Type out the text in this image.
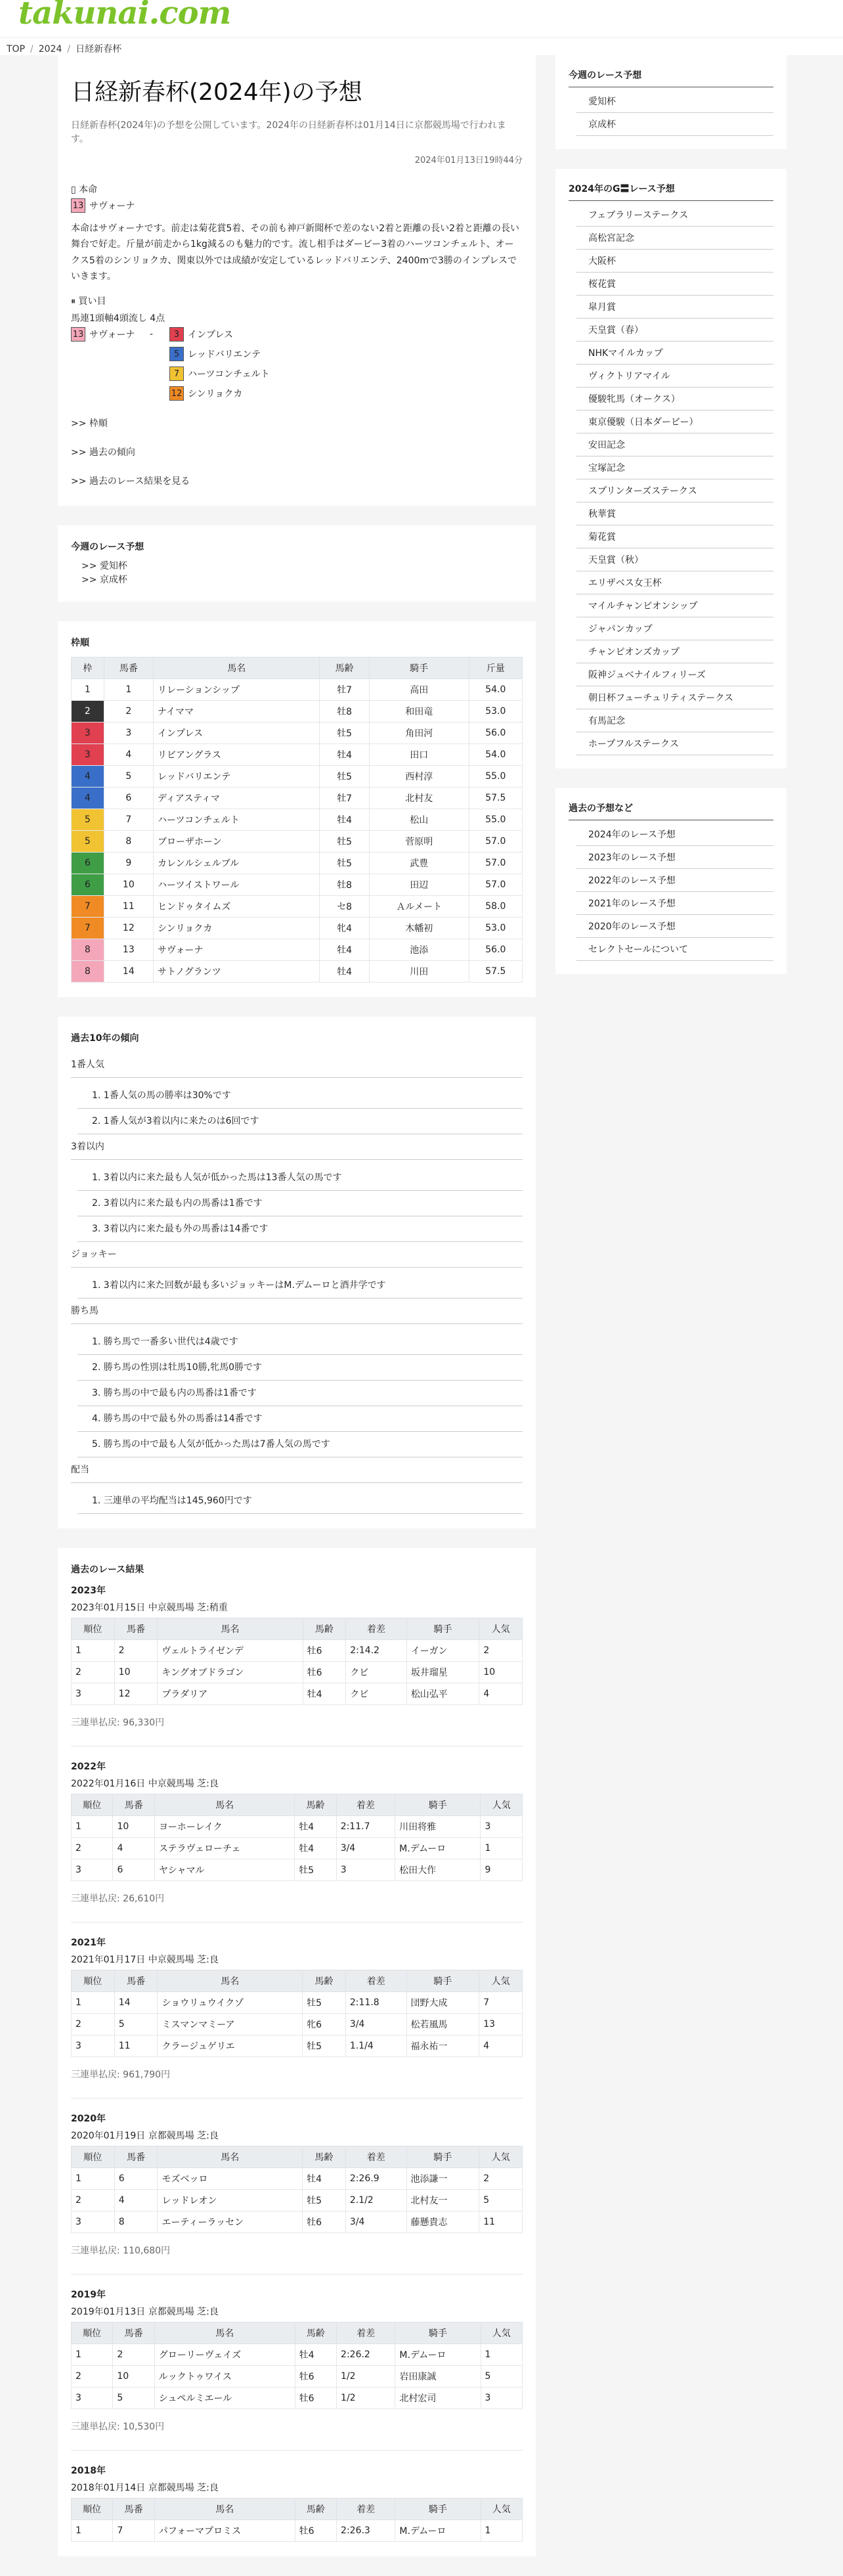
takunai.com
TOP / 2024 / 日経新春杯
日経新春杯(2024年)の予想

日経新春杯(2024年)の予想を公開しています。2024年の日経新春杯は01月14日に京都競馬場で行われます。

2024年01月13日19時44分
▯ 本命
13 サヴォーナ

本命はサヴォーナです。前走は菊花賞5着、その前も神戸新聞杯で差のない2着と距離の長い2着と距離の長い舞台で好走。斤量が前走から1kg減るのも魅力的です。流し相手はダービー3着のハーツコンチェルト、オークス5着のシンリョクカ、関東以外では成績が安定しているレッドバリエンテ、2400mで3勝のインプレスでいきます。

⏸ 買い目
馬連1頭軸4頭流し 4点
13 サヴォーナ -	3 インプレス
5 レッドバリエンテ
7 ハーツコンチェルト
12 シンリョクカ
>> 枠順
>> 過去の傾向
>> 過去のレース結果を見る
今週のレース予想
>> 愛知杯
>> 京成杯
枠順
枠	馬番	馬名	馬齢	騎手	斤量
1	1	リレーションシップ	牡7	高田	54.0
2	2	ナイママ	牡8	和田竜	53.0
3	3	インプレス	牡5	角田河	56.0
3	4	リビアングラス	牡4	田口	54.0
4	5	レッドバリエンテ	牡5	西村淳	55.0
4	6	ディアスティマ	牡7	北村友	57.5
5	7	ハーツコンチェルト	牡4	松山	55.0
5	8	ブローザホーン	牡5	菅原明	57.0
6	9	カレンルシェルブル	牡5	武豊	57.0
6	10	ハーツイストワール	牡8	田辺	57.0
7	11	ヒンドゥタイムズ	セ8	Ａルメート	58.0
7	12	シンリョクカ	牝4	木幡初	53.0
8	13	サヴォーナ	牡4	池添	56.0
8	14	サトノグランツ	牡4	川田	57.5
過去10年の傾向
1番人気
1. 1番人気の馬の勝率は30%です
2. 1番人気が3着以内に来たのは6回です
3着以内
1. 3着以内に来た最も人気が低かった馬は13番人気の馬です
2. 3着以内に来た最も内の馬番は1番です
3. 3着以内に来た最も外の馬番は14番です
ジョッキー
1. 3着以内に来た回数が最も多いジョッキーはM.デムーロと酒井学です
勝ち馬
1. 勝ち馬で一番多い世代は4歳です
2. 勝ち馬の性別は牡馬10勝,牝馬0勝です
3. 勝ち馬の中で最も内の馬番は1番です
4. 勝ち馬の中で最も外の馬番は14番です
5. 勝ち馬の中で最も人気が低かった馬は7番人気の馬です
配当
1. 三連単の平均配当は145,960円です
過去のレース結果
2023年
2023年01月15日 中京競馬場 芝:稍重
順位	馬番	馬名	馬齢	着差	騎手	人気
1	2	ヴェルトライゼンデ	牡6	2:14.2	イーガン	2
2	10	キングオブドラゴン	牡6	クビ	坂井瑠星	10
3	12	プラダリア	牡4	クビ	松山弘平	4
三連単払戻: 96,330円
2022年
2022年01月16日 中京競馬場 芝:良
順位	馬番	馬名	馬齢	着差	騎手	人気
1	10	ヨーホーレイク	牡4	2:11.7	川田将雅	3
2	4	ステラヴェローチェ	牡4	3/4	M.デムーロ	1
3	6	ヤシャマル	牡5	3	松田大作	9
三連単払戻: 26,610円
2021年
2021年01月17日 中京競馬場 芝:良
順位	馬番	馬名	馬齢	着差	騎手	人気
1	14	ショウリュウイクゾ	牡5	2:11.8	団野大成	7
2	5	ミスマンマミーア	牝6	3/4	松若風馬	13
3	11	クラージュゲリエ	牡5	1.1/4	福永祐一	4
三連単払戻: 961,790円
2020年
2020年01月19日 京都競馬場 芝:良
順位	馬番	馬名	馬齢	着差	騎手	人気
1	6	モズベッロ	牡4	2:26.9	池添謙一	2
2	4	レッドレオン	牡5	2.1/2	北村友一	5
3	8	エーティーラッセン	牡6	3/4	藤懸貴志	11
三連単払戻: 110,680円
2019年
2019年01月13日 京都競馬場 芝:良
順位	馬番	馬名	馬齢	着差	騎手	人気
1	2	グローリーヴェイズ	牡4	2:26.2	M.デムーロ	1
2	10	ルックトゥワイス	牡6	1/2	岩田康誠	5
3	5	シュペルミエール	牡6	1/2	北村宏司	3
三連単払戻: 10,530円
2018年
2018年01月14日 京都競馬場 芝:良
順位	馬番	馬名	馬齢	着差	騎手	人気
1	7	パフォーマプロミス	牡6	2:26.3	M.デムーロ	1
今週のレース予想
愛知杯
京成杯
2024年のG〓レース予想
フェブラリーステークス
高松宮記念
大阪杯
桜花賞
皐月賞
天皇賞（春）
NHKマイルカップ
ヴィクトリアマイル
優駿牝馬（オークス）
東京優駿（日本ダービー）
安田記念
宝塚記念
スプリンターズステークス
秋華賞
菊花賞
天皇賞（秋）
エリザベス女王杯
マイルチャンピオンシップ
ジャパンカップ
チャンピオンズカップ
阪神ジュベナイルフィリーズ
朝日杯フューチュリティステークス
有馬記念
ホープフルステークス
過去の予想など
2024年のレース予想
2023年のレース予想
2022年のレース予想
2021年のレース予想
2020年のレース予想
セレクトセールについて
